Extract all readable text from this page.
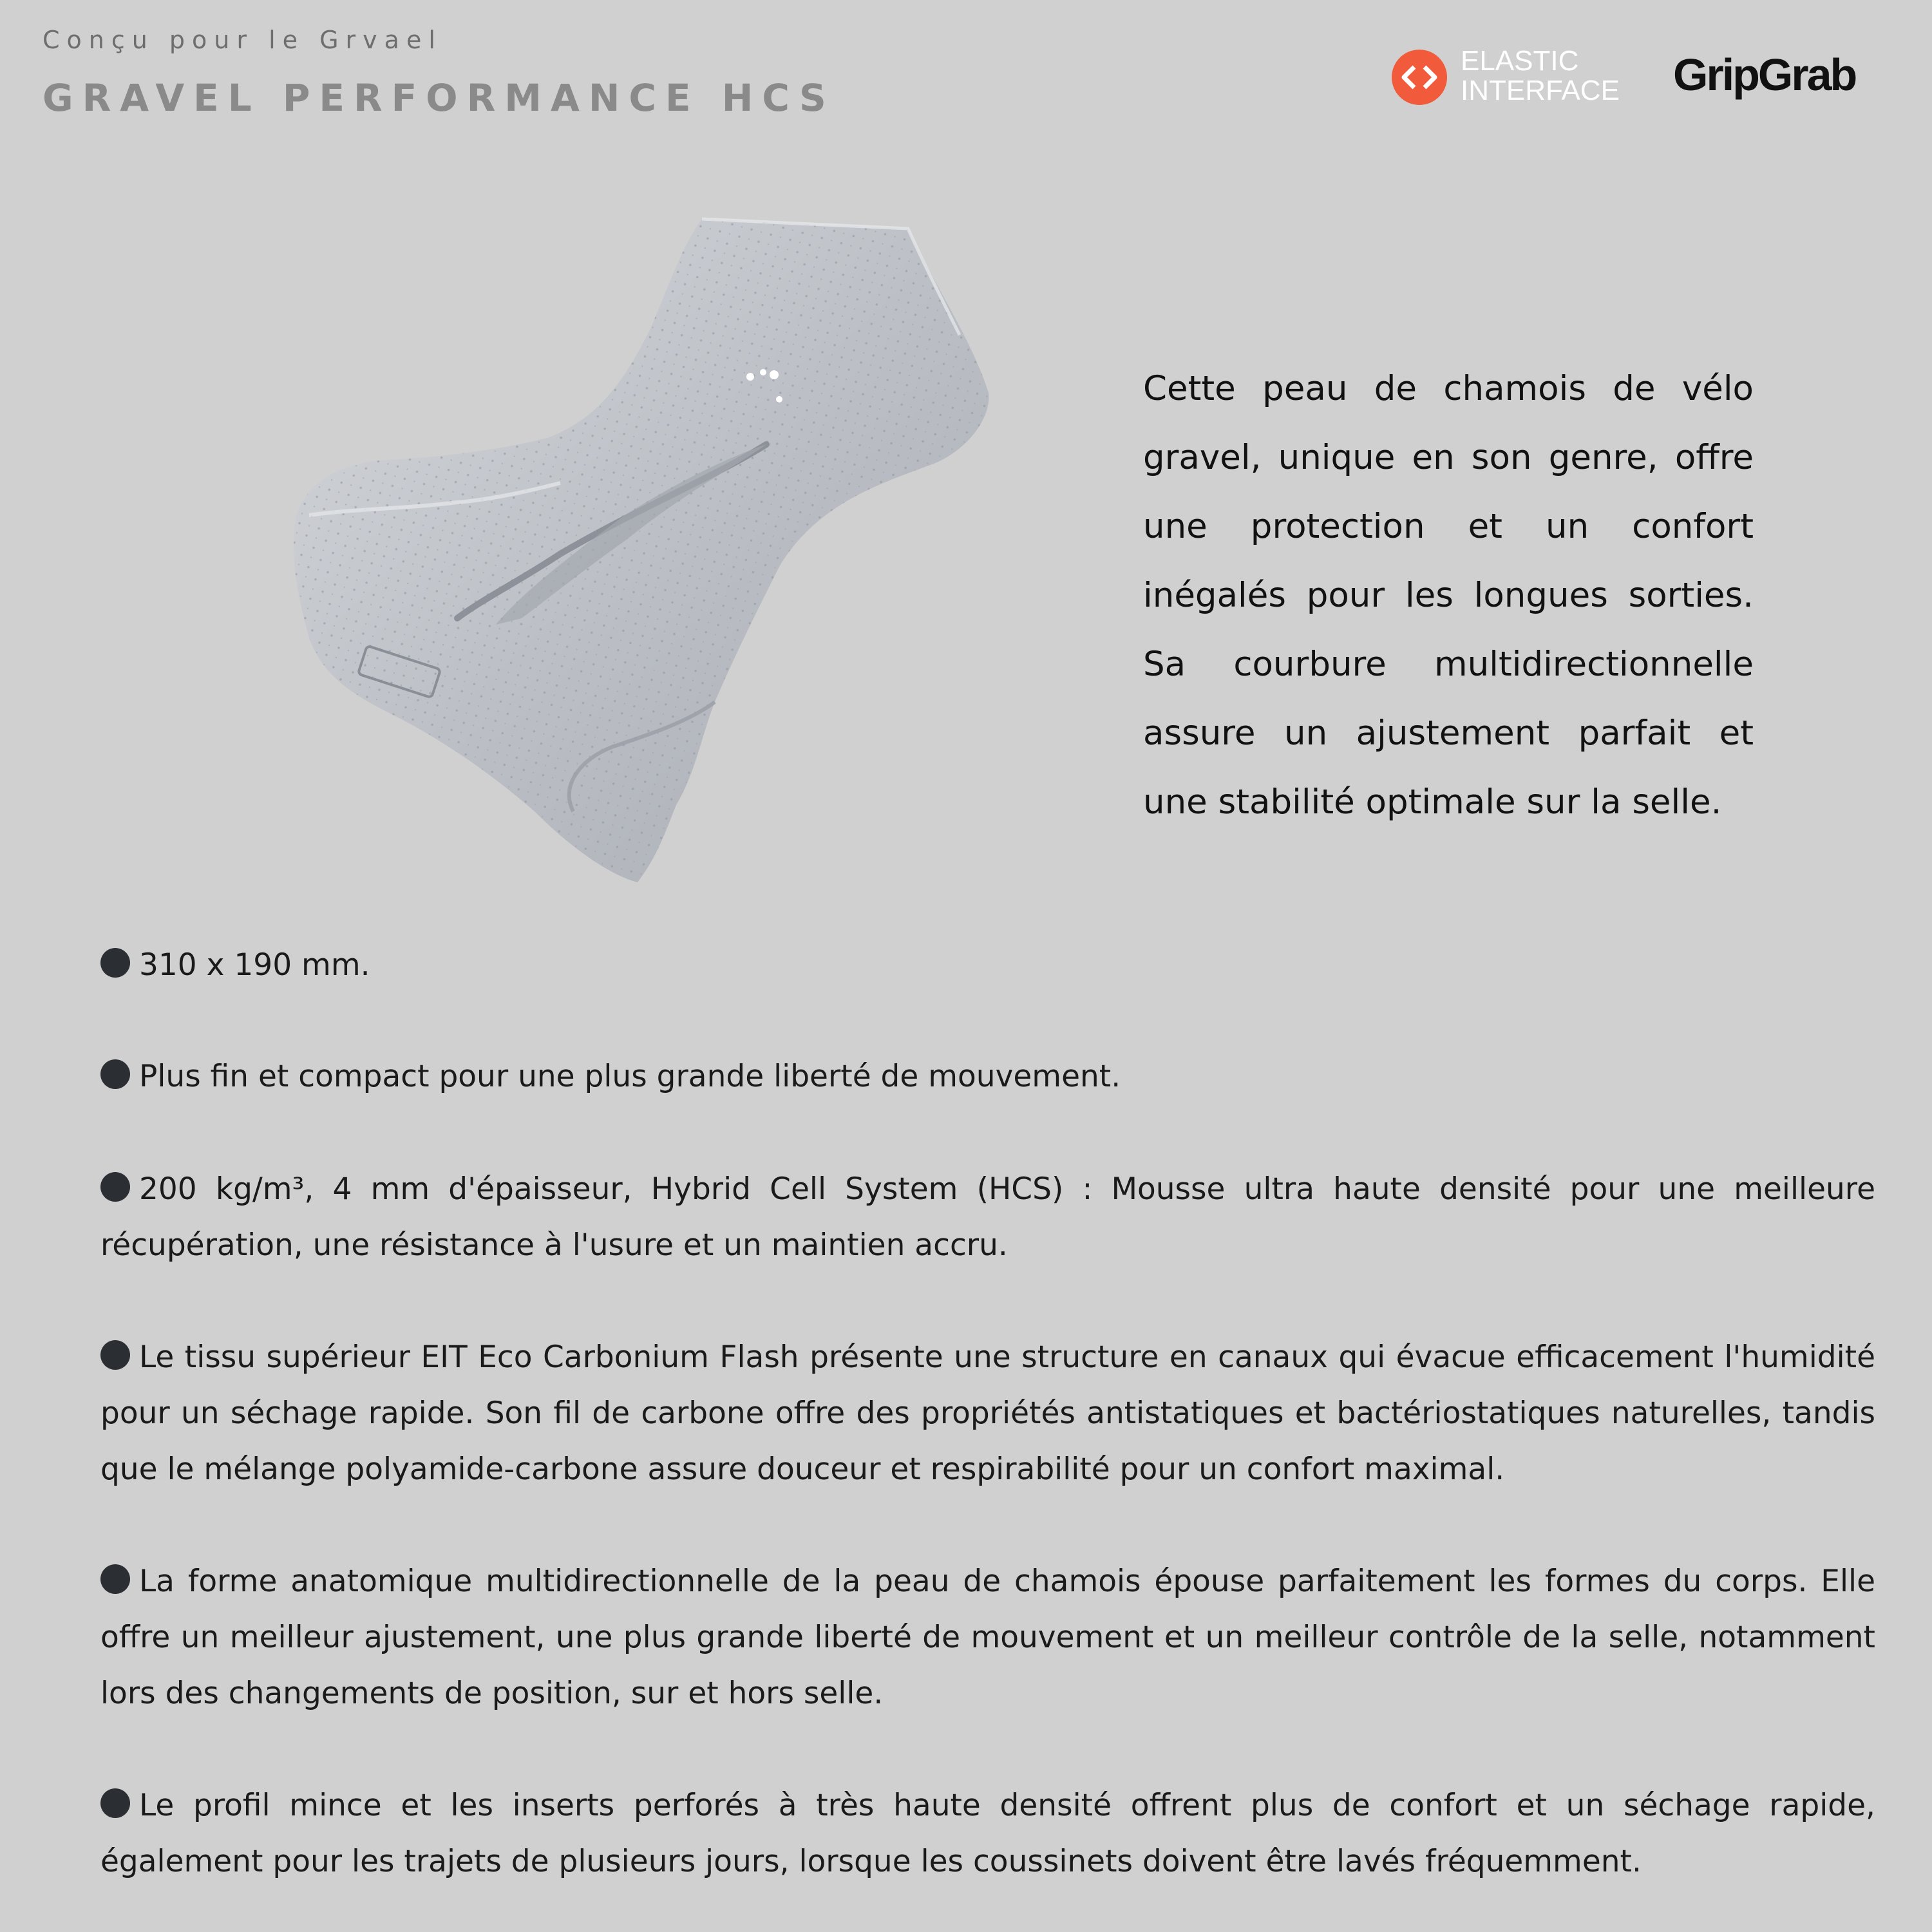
Conçu pour le Grvael
GRAVEL PERFORMANCE HCS
ELASTIC
INTERFACE GripGrab
Cette peau de chamois de vélo gravel, unique en son genre, offre une protection et un confort inégalés pour les longues sorties. Sa courbure multidirectionnelle assure un ajustement parfait et une stabilité optimale sur la selle.
310 x 190 mm.
Plus fin et compact pour une plus grande liberté de mouvement.
200 kg/m³, 4 mm d'épaisseur, Hybrid Cell System (HCS) : Mousse ultra haute densité pour une meilleure récupération, une résistance à l'usure et un maintien accru.
Le tissu supérieur EIT Eco Carbonium Flash présente une structure en canaux qui évacue efficacement l'humidité pour un séchage rapide. Son fil de carbone offre des propriétés antistatiques et bactériostatiques naturelles, tandis que le mélange polyamide-carbone assure douceur et respirabilité pour un confort maximal.
La forme anatomique multidirectionnelle de la peau de chamois épouse parfaitement les formes du corps. Elle offre un meilleur ajustement, une plus grande liberté de mouvement et un meilleur contrôle de la selle, notamment lors des changements de position, sur et hors selle.
Le profil mince et les inserts perforés à très haute densité offrent plus de confort et un séchage rapide, également pour les trajets de plusieurs jours, lorsque les coussinets doivent être lavés fréquemment.
